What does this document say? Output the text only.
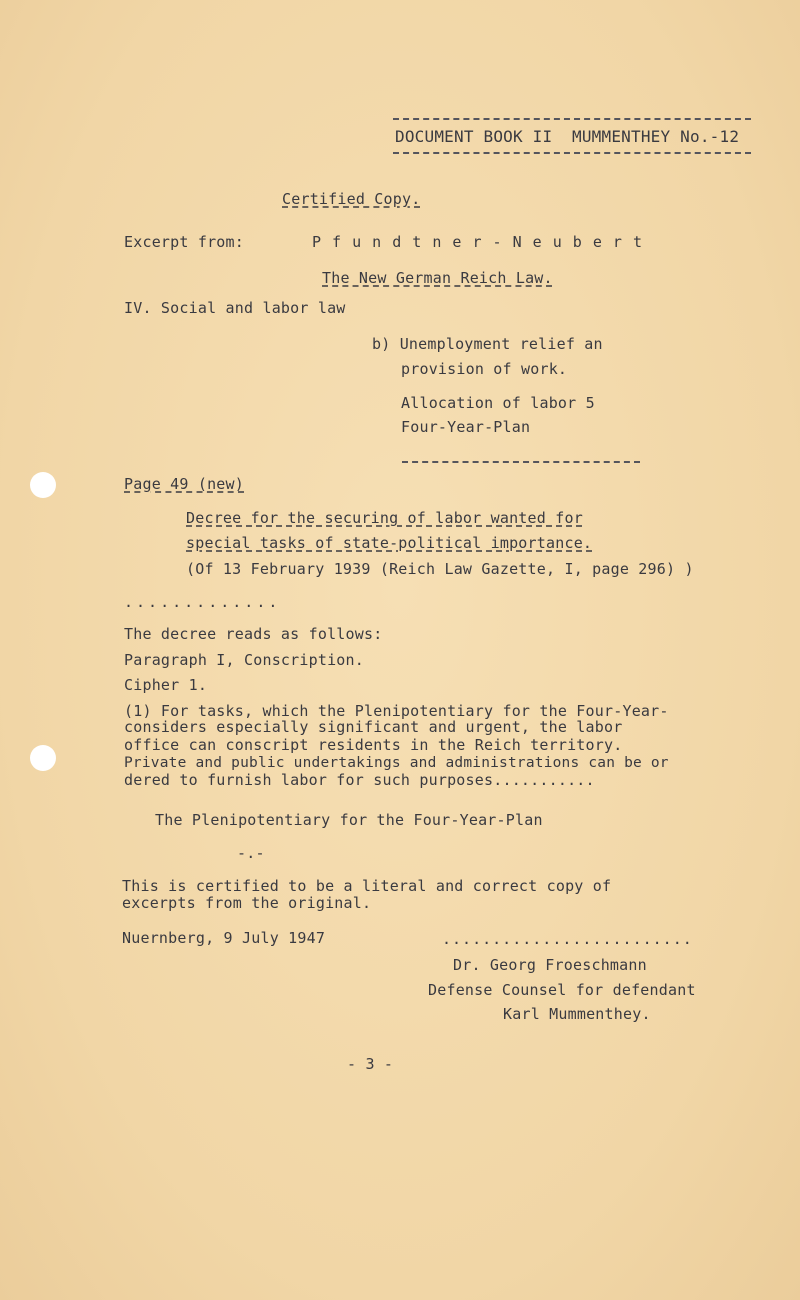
DOCUMENT BOOK II  MUMMENTHEY No.-12
Certified Copy.
Excerpt from:	P f u n d t n e r - N e u b e r t
The New German Reich Law.
IV. Social and labor law
b) Unemployment relief an
provision of work.
Allocation of labor 5
Four-Year-Plan
Page 49 (new)
Decree for the securing of labor wanted for
special tasks of state-political importance.
(Of 13 February 1939 (Reich Law Gazette, I, page 296) )
.............
The decree reads as follows:
Paragraph I, Conscription.
Cipher 1.
(1) For tasks, which the Plenipotentiary for the Four-Year-
considers especially significant and urgent, the labor
office can conscript residents in the Reich territory.
Private and public undertakings and administrations can be or
dered to furnish labor for such purposes...........
The Plenipotentiary for the Four-Year-Plan
-.-
This is certified to be a literal and correct copy of
excerpts from the original.
Nuernberg, 9 July 1947	.........................
Dr. Georg Froeschmann
Defense Counsel for defendant
Karl Mummenthey.
- 3 -
